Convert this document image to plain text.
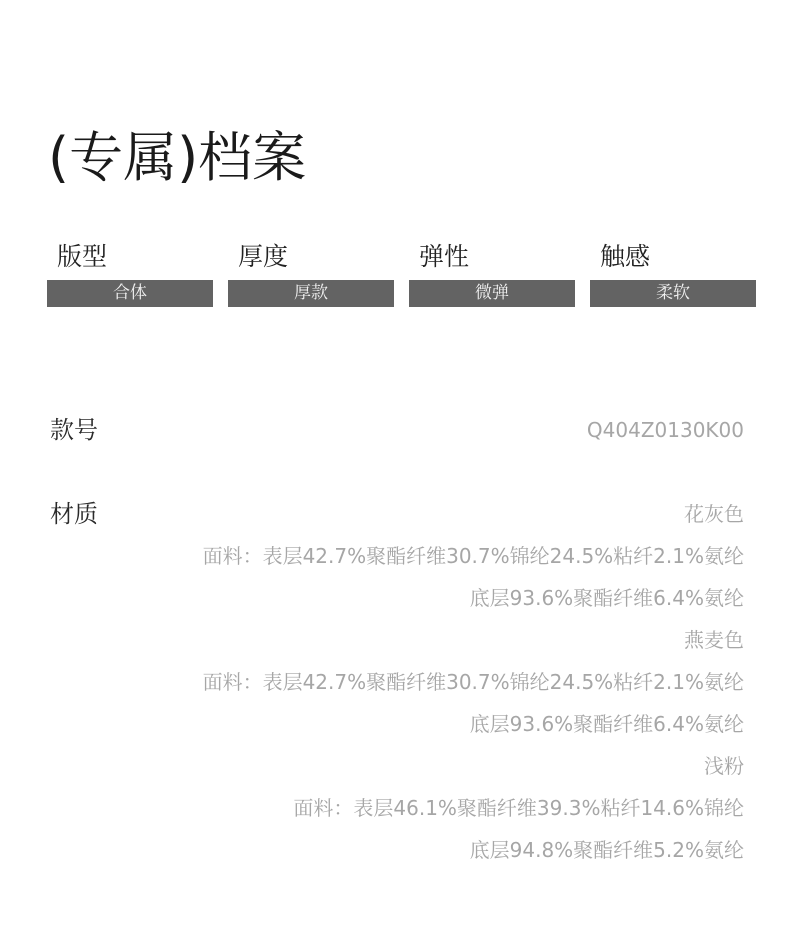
(专属)档案
版型
合体
厚度
厚款
弹性
微弹
触感
柔软
款号	Q404Z0130K00
材质	花灰色
面料：表层42.7%聚酯纤维30.7%锦纶24.5%粘纤2.1%氨纶
底层93.6%聚酯纤维6.4%氨纶
燕麦色
面料：表层42.7%聚酯纤维30.7%锦纶24.5%粘纤2.1%氨纶
底层93.6%聚酯纤维6.4%氨纶
浅粉
面料：表层46.1%聚酯纤维39.3%粘纤14.6%锦纶
底层94.8%聚酯纤维5.2%氨纶
